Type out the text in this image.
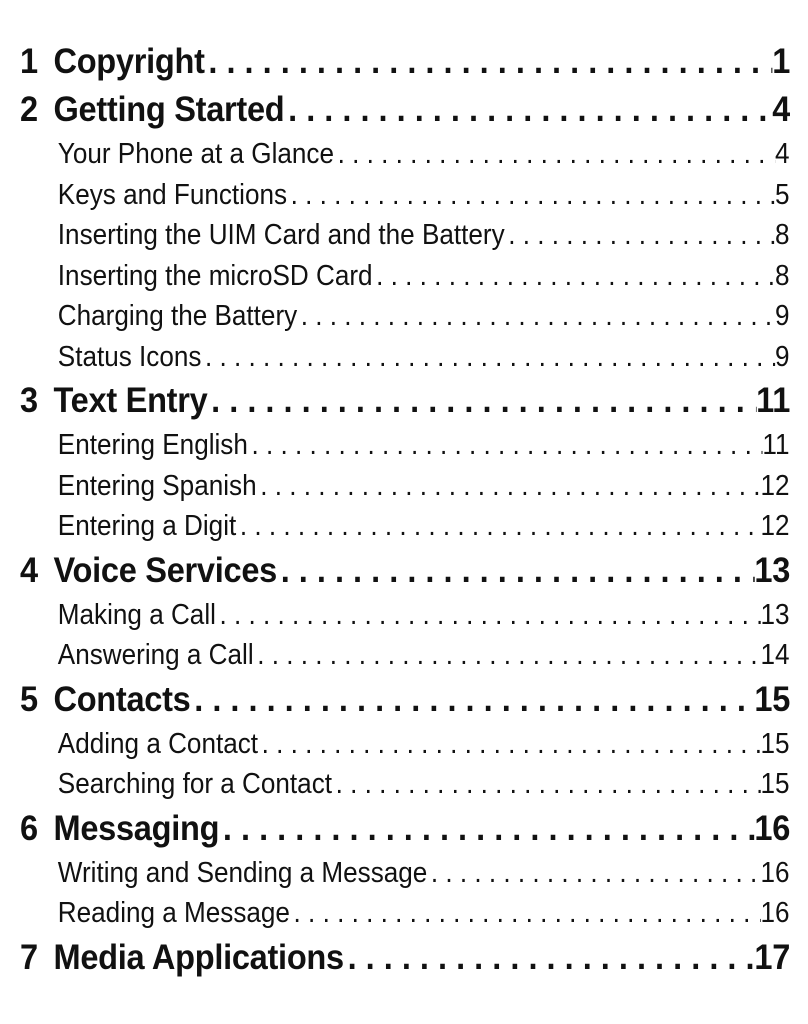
1 Copyright . . .	1
2 Getting Started . . .	4
Your Phone at a Glance . . .	4
Keys and Functions . . .	5
Inserting the UIM Card and the Battery . . .	8
Inserting the microSD Card . . .	8
Charging the Battery . . .	9
Status Icons . . .	9
3 Text Entry . . .	11
Entering English . . .	11
Entering Spanish . . .	12
Entering a Digit . . .	12
4 Voice Services . . .	13
Making a Call . . .	13
Answering a Call . . .	14
5 Contacts . . .	15
Adding a Contact . . .	15
Searching for a Contact . . .	15
6 Messaging . . .	16
Writing and Sending a Message . . .	16
Reading a Message . . .	16
7 Media Applications . . .	17
